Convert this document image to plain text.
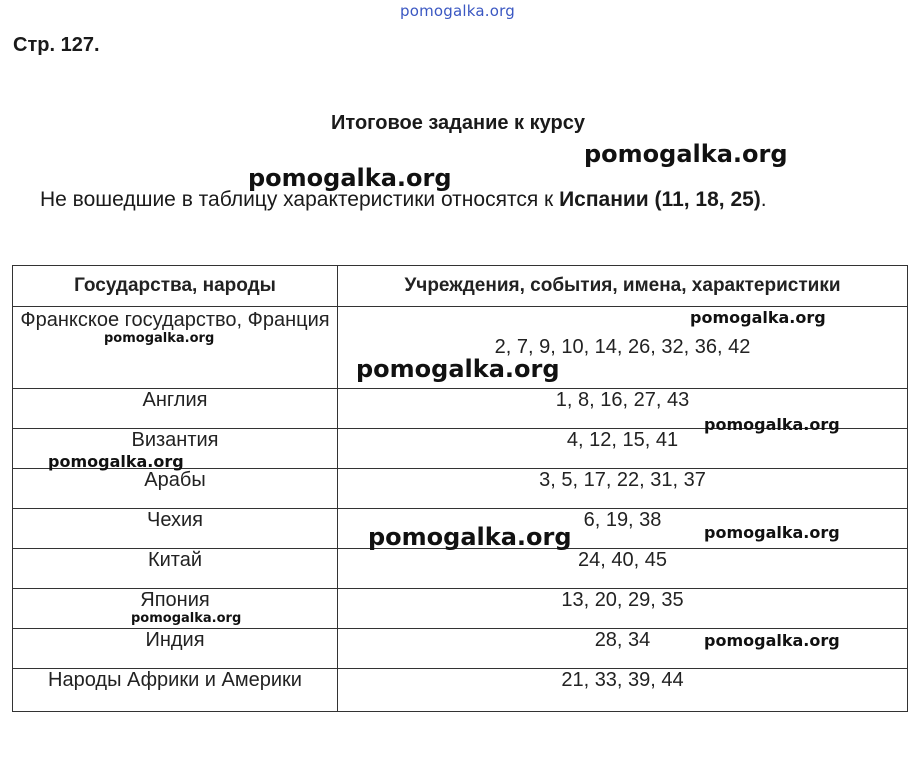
pomogalka.org
Стр. 127.
Итоговое задание к курсу
Не вошедшие в таблицу характеристики относятся к Испании (11, 18, 25).
Государства, народы	Учреждения, события, имена, характеристики
Франкское государство, Франция	2, 7, 9, 10, 14, 26, 32, 36, 42
Англия	1, 8, 16, 27, 43
Византия	4, 12, 15, 41
Арабы	3, 5, 17, 22, 31, 37
Чехия	6, 19, 38
Китай	24, 40, 45
Япония	13, 20, 29, 35
Индия	28, 34
Народы Африки и Америки	21, 33, 39, 44
pomogalka.org
pomogalka.org
pomogalka.org
pomogalka.org
pomogalka.org
pomogalka.org
pomogalka.org
pomogalka.org	pomogalka.org
pomogalka.org
pomogalka.org
